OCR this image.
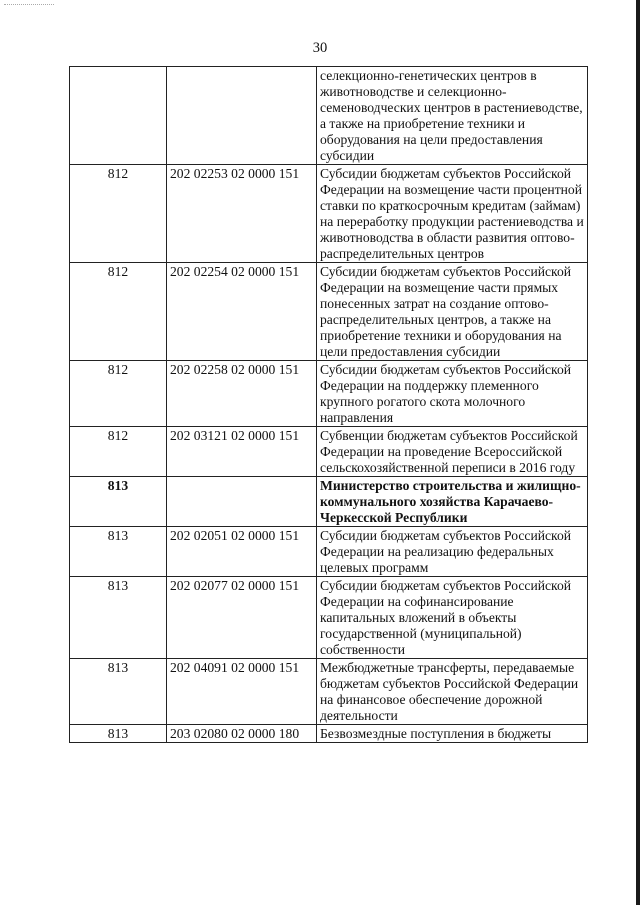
30
		селекционно-генетических центров в животноводстве и селекционно-семеноводческих центров в растениеводстве, а также на приобретение техники и оборудования на цели предоставления субсидии
812	202 02253 02 0000 151	Субсидии бюджетам субъектов Российской Федерации на возмещение части процентной ставки по краткосрочным кредитам (займам) на переработку продукции растениеводства и животноводства в области развития оптово-распределительных центров
812	202 02254 02 0000 151	Субсидии бюджетам субъектов Российской Федерации на возмещение части прямых понесенных затрат на создание оптово-распределительных центров, а также на приобретение техники и оборудования на цели предоставления субсидии
812	202 02258 02 0000 151	Субсидии бюджетам субъектов Российской Федерации на поддержку племенного крупного рогатого скота молочного направления
812	202 03121 02 0000 151	Субвенции бюджетам субъектов Российской Федерации на проведение Всероссийской сельскохозяйственной переписи в 2016 году
813		Министерство строительства и жилищно-коммунального хозяйства Карачаево-Черкесской Республики
813	202 02051 02 0000 151	Субсидии бюджетам субъектов Российской Федерации на реализацию федеральных целевых программ
813	202 02077 02 0000 151	Субсидии бюджетам субъектов Российской Федерации на софинансирование капитальных вложений в объекты государственной (муниципальной) собственности
813	202 04091 02 0000 151	Межбюджетные трансферты, передаваемые бюджетам субъектов Российской Федерации на финансовое обеспечение дорожной деятельности
813	203 02080 02 0000 180	Безвозмездные поступления в бюджеты
